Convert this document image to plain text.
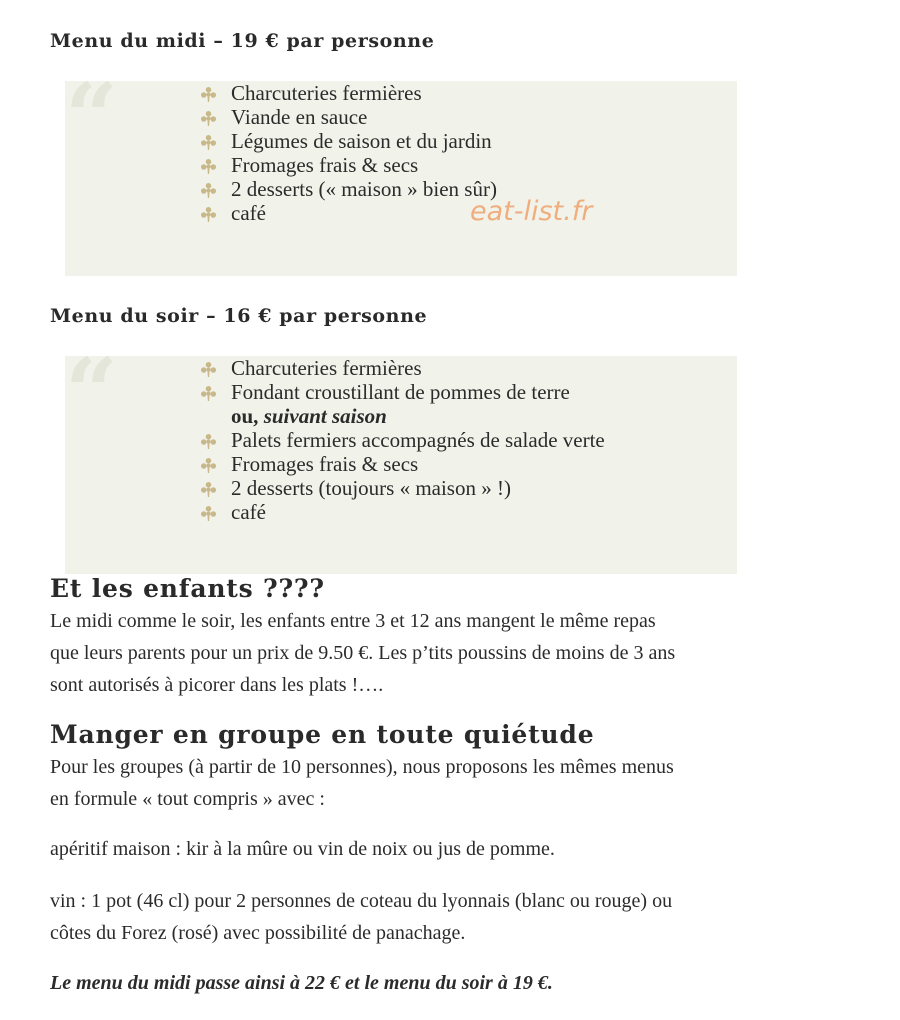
Menu du midi – 19 € par personne
“	Charcuteries fermières
Viande en sauce
Légumes de saison et du jardin
Fromages frais & secs
2 desserts (« maison » bien sûr)
café	eat-list.fr
Menu du soir – 16 € par personne
“	Charcuteries fermières
Fondant croustillant de pommes de terre
ou, suivant saison
Palets fermiers accompagnés de salade verte
Fromages frais & secs
2 desserts (toujours « maison » !)
café
Et les enfants ????
Le midi comme le soir, les enfants entre 3 et 12 ans mangent le même repas
que leurs parents pour un prix de 9.50 €. Les p’tits poussins de moins de 3 ans
sont autorisés à picorer dans les plats !….
Manger en groupe en toute quiétude
Pour les groupes (à partir de 10 personnes), nous proposons les mêmes menus
en formule « tout compris » avec :
apéritif maison : kir à la mûre ou vin de noix ou jus de pomme.
vin : 1 pot (46 cl) pour 2 personnes de coteau du lyonnais (blanc ou rouge) ou
côtes du Forez (rosé) avec possibilité de panachage.
Le menu du midi passe ainsi à 22 € et le menu du soir à 19 €.
